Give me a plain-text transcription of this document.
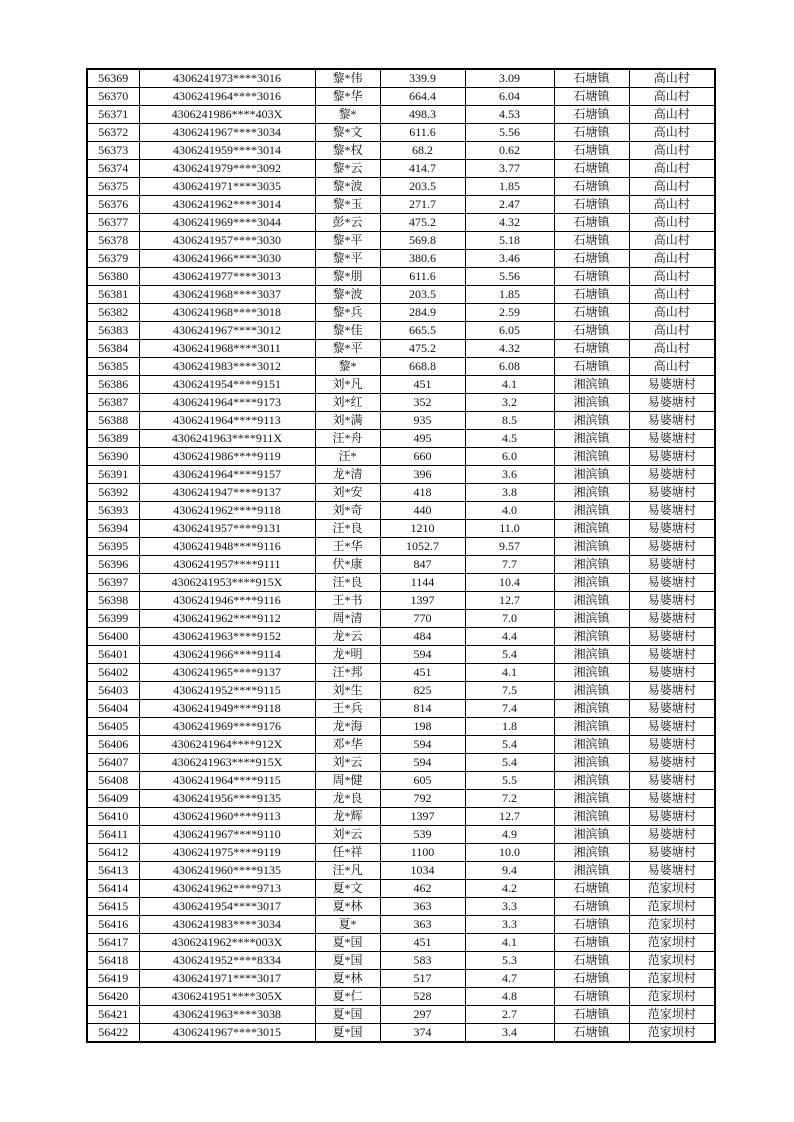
56369	4306241973****3016	黎*伟	339.9	3.09	石塘镇	高山村
56370	4306241964****3016	黎*华	664.4	6.04	石塘镇	高山村
56371	4306241986****403X	黎*	498.3	4.53	石塘镇	高山村
56372	4306241967****3034	黎*文	611.6	5.56	石塘镇	高山村
56373	4306241959****3014	黎*权	68.2	0.62	石塘镇	高山村
56374	4306241979****3092	黎*云	414.7	3.77	石塘镇	高山村
56375	4306241971****3035	黎*波	203.5	1.85	石塘镇	高山村
56376	4306241962****3014	黎*玉	271.7	2.47	石塘镇	高山村
56377	4306241969****3044	彭*云	475.2	4.32	石塘镇	高山村
56378	4306241957****3030	黎*平	569.8	5.18	石塘镇	高山村
56379	4306241966****3030	黎*平	380.6	3.46	石塘镇	高山村
56380	4306241977****3013	黎*朋	611.6	5.56	石塘镇	高山村
56381	4306241968****3037	黎*波	203.5	1.85	石塘镇	高山村
56382	4306241968****3018	黎*兵	284.9	2.59	石塘镇	高山村
56383	4306241967****3012	黎*佳	665.5	6.05	石塘镇	高山村
56384	4306241968****3011	黎*平	475.2	4.32	石塘镇	高山村
56385	4306241983****3012	黎*	668.8	6.08	石塘镇	高山村
56386	4306241954****9151	刘*凡	451	4.1	湘滨镇	易婆塘村
56387	4306241964****9173	刘*红	352	3.2	湘滨镇	易婆塘村
56388	4306241964****9113	刘*满	935	8.5	湘滨镇	易婆塘村
56389	4306241963****911X	汪*舟	495	4.5	湘滨镇	易婆塘村
56390	4306241986****9119	汪*	660	6.0	湘滨镇	易婆塘村
56391	4306241964****9157	龙*清	396	3.6	湘滨镇	易婆塘村
56392	4306241947****9137	刘*安	418	3.8	湘滨镇	易婆塘村
56393	4306241962****9118	刘*奇	440	4.0	湘滨镇	易婆塘村
56394	4306241957****9131	汪*良	1210	11.0	湘滨镇	易婆塘村
56395	4306241948****9116	王*华	1052.7	9.57	湘滨镇	易婆塘村
56396	4306241957****9111	伏*康	847	7.7	湘滨镇	易婆塘村
56397	4306241953****915X	汪*良	1144	10.4	湘滨镇	易婆塘村
56398	4306241946****9116	王*书	1397	12.7	湘滨镇	易婆塘村
56399	4306241962****9112	周*清	770	7.0	湘滨镇	易婆塘村
56400	4306241963****9152	龙*云	484	4.4	湘滨镇	易婆塘村
56401	4306241966****9114	龙*明	594	5.4	湘滨镇	易婆塘村
56402	4306241965****9137	汪*邦	451	4.1	湘滨镇	易婆塘村
56403	4306241952****9115	刘*生	825	7.5	湘滨镇	易婆塘村
56404	4306241949****9118	王*兵	814	7.4	湘滨镇	易婆塘村
56405	4306241969****9176	龙*海	198	1.8	湘滨镇	易婆塘村
56406	4306241964****912X	邓*华	594	5.4	湘滨镇	易婆塘村
56407	4306241963****915X	刘*云	594	5.4	湘滨镇	易婆塘村
56408	4306241964****9115	周*健	605	5.5	湘滨镇	易婆塘村
56409	4306241956****9135	龙*良	792	7.2	湘滨镇	易婆塘村
56410	4306241960****9113	龙*辉	1397	12.7	湘滨镇	易婆塘村
56411	4306241967****9110	刘*云	539	4.9	湘滨镇	易婆塘村
56412	4306241975****9119	任*祥	1100	10.0	湘滨镇	易婆塘村
56413	4306241960****9135	汪*凡	1034	9.4	湘滨镇	易婆塘村
56414	4306241962****9713	夏*文	462	4.2	石塘镇	范家坝村
56415	4306241954****3017	夏*林	363	3.3	石塘镇	范家坝村
56416	4306241983****3034	夏*	363	3.3	石塘镇	范家坝村
56417	4306241962****003X	夏*国	451	4.1	石塘镇	范家坝村
56418	4306241952****8334	夏*国	583	5.3	石塘镇	范家坝村
56419	4306241971****3017	夏*林	517	4.7	石塘镇	范家坝村
56420	4306241951****305X	夏*仁	528	4.8	石塘镇	范家坝村
56421	4306241963****3038	夏*国	297	2.7	石塘镇	范家坝村
56422	4306241967****3015	夏*国	374	3.4	石塘镇	范家坝村
